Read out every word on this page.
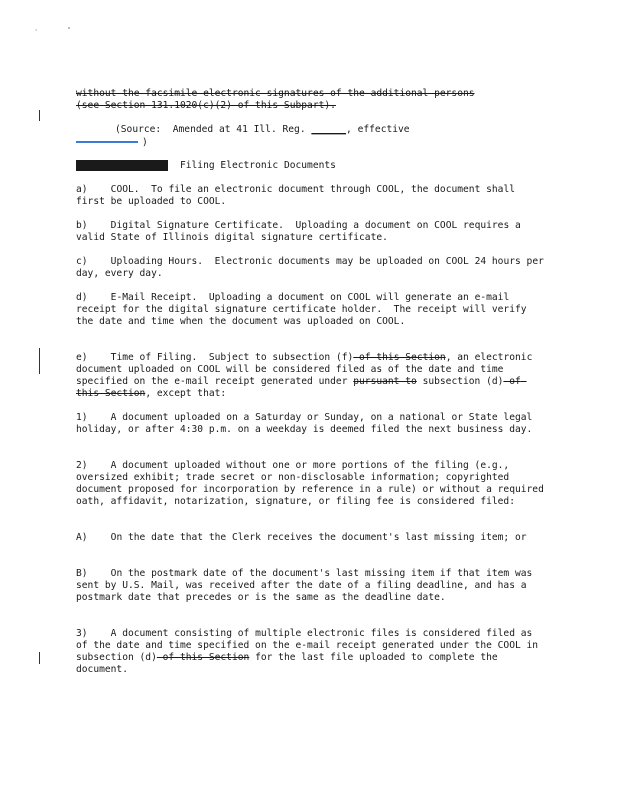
'	"
without the facsimile electronic signatures of the additional persons
(see Section 131.1020(c)(2) of this Subpart).
(Source:  Amended at 41 Ill. Reg. ______, effective
)
Section 131.1030 Filing Electronic Documents
a) COOL. To file an electronic document through COOL, the document shall first be uploaded to COOL.
b) Digital Signature Certificate. Uploading a document on COOL requires a valid State of Illinois digital signature certificate.
c) Uploading Hours. Electronic documents may be uploaded on COOL 24 hours per day, every day.
d) E-Mail Receipt. Uploading a document on COOL will generate an e-mail receipt for the digital signature certificate holder.  The receipt will verify the date and time when the document was uploaded on COOL.
e) Time of Filing. Subject to subsection (f) of this Section, an electronic document uploaded on COOL will be considered filed as of the date and time specified on the e-mail receipt generated under pursuant to subsection (d) of this Section, except that:
1) A document uploaded on a Saturday or Sunday, on a national or State legal holiday, or after 4:30 p.m. on a weekday is deemed filed the next business day.
2) A document uploaded without one or more portions of the filing (e.g., oversized exhibit; trade secret or non-disclosable information; copyrighted document proposed for incorporation by reference in a rule) or without a required oath, affidavit, notarization, signature, or filing fee is considered filed:
A) On the date that the Clerk receives the document's last missing item; or
B) On the postmark date of the document's last missing item if that item was sent by U.S. Mail, was received after the date of a filing deadline, and has a postmark date that precedes or is the same as the deadline date.
3) A document consisting of multiple electronic files is considered filed as of the date and time specified on the e-mail receipt generated under the COOL in subsection (d) of this Section for the last file uploaded to complete the document.
